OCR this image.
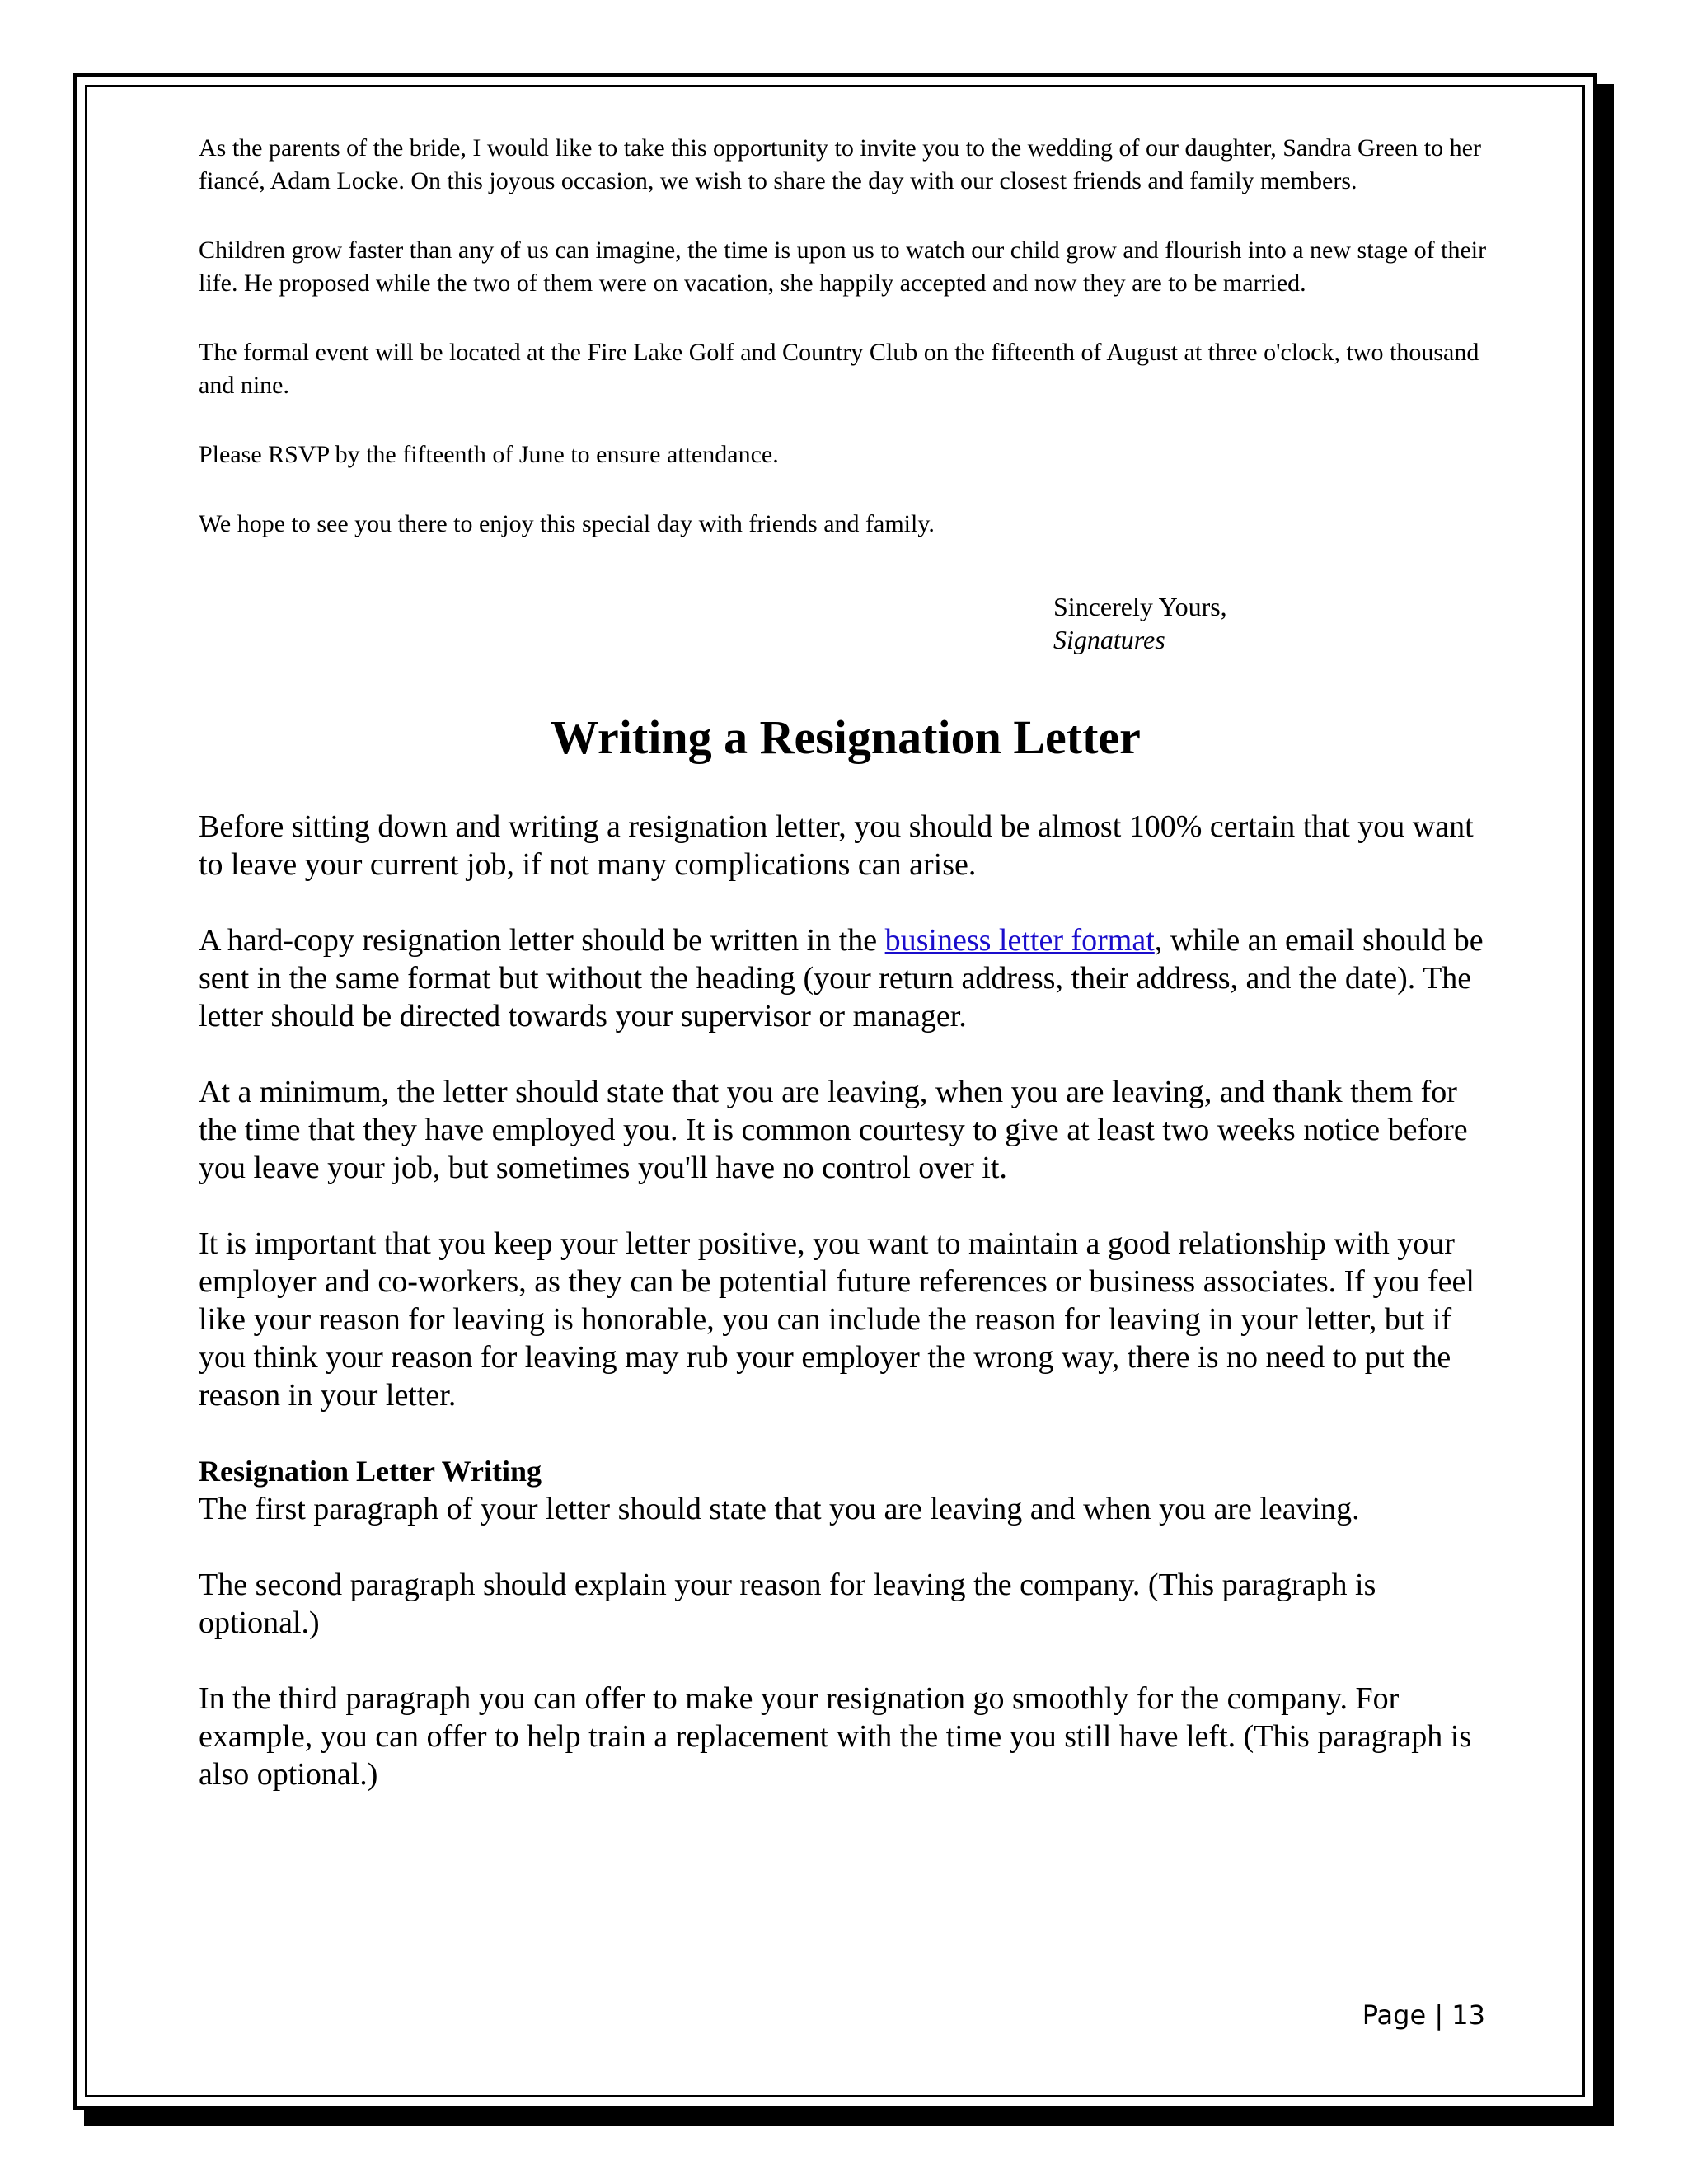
As the parents of the bride, I would like to take this opportunity to invite you to the wedding of our daughter, Sandra Green to her fiancé, Adam Locke. On this joyous occasion, we wish to share the day with our closest friends and family members.

Children grow faster than any of us can imagine, the time is upon us to watch our child grow and flourish into a new stage of their life. He proposed while the two of them were on vacation, she happily accepted and now they are to be married.

The formal event will be located at the Fire Lake Golf and Country Club on the fifteenth of August at three o'clock, two thousand and nine.

Please RSVP by the fifteenth of June to ensure attendance.

We hope to see you there to enjoy this special day with friends and family.

Sincerely Yours,
Signatures
Writing a Resignation Letter

Before sitting down and writing a resignation letter, you should be almost 100% certain that you want to leave your current job, if not many complications can arise.

A hard-copy resignation letter should be written in the business letter format, while an email should be sent in the same format but without the heading (your return address, their address, and the date). The letter should be directed towards your supervisor or manager.

At a minimum, the letter should state that you are leaving, when you are leaving, and thank them for the time that they have employed you. It is common courtesy to give at least two weeks notice before you leave your job, but sometimes you'll have no control over it.

It is important that you keep your letter positive, you want to maintain a good relationship with your employer and co-workers, as they can be potential future references or business associates. If you feel like your reason for leaving is honorable, you can include the reason for leaving in your letter, but if you think your reason for leaving may rub your employer the wrong way, there is no need to put the reason in your letter.

Resignation Letter Writing
The first paragraph of your letter should state that you are leaving and when you are leaving.

The second paragraph should explain your reason for leaving the company. (This paragraph is optional.)

In the third paragraph you can offer to make your resignation go smoothly for the company. For example, you can offer to help train a replacement with the time you still have left. (This paragraph is also optional.)

Page | 13
